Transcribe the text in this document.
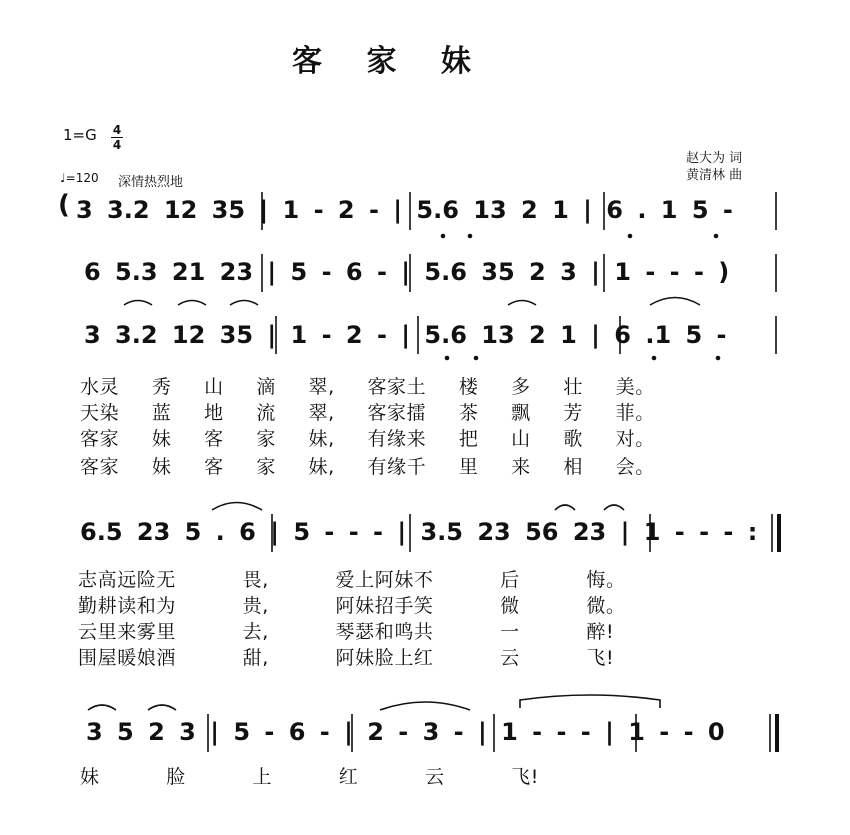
客 家 妹
1=G 4
4
♩=120 深情热烈地
赵大为 词
黄清林 曲
( 3 3.2 12 35 | 1 - 2 - | 5.6 13 2 1 | 6 . 1 5 -
6 5.3 21 23 | 5 - 6 - | 5.6 35 2 3 | 1 - - - )
3 3.2 12 35 | 1 - 2 - | 5.6 13 2 1 | 6 .1 5 -
水灵 秀 山 滴 翠, 客家土 楼 多 壮 美。
天染 蓝 地 流 翠, 客家擂 茶 飘 芳 菲。
客家 妹 客 家 妹, 有缘来 把 山 歌 对。
客家 妹 客 家 妹, 有缘千 里 来 相 会。
6.5 23 5 . 6 | 5 - - - | 3.5 23 56 23 | 1 - - - :
志高远险无 畏, 爱上阿妹不 后 悔。
勤耕读和为 贵, 阿妹招手笑 微 微。
云里来雾里 去, 琴瑟和鸣共 一 醉!
围屋暖娘酒 甜, 阿妹脸上红 云 飞!
3 5 2 3 | 5 - 6 - | 2 - 3 - | 1 - - - | 1 - - 0
妹 脸 上 红 云 飞!
